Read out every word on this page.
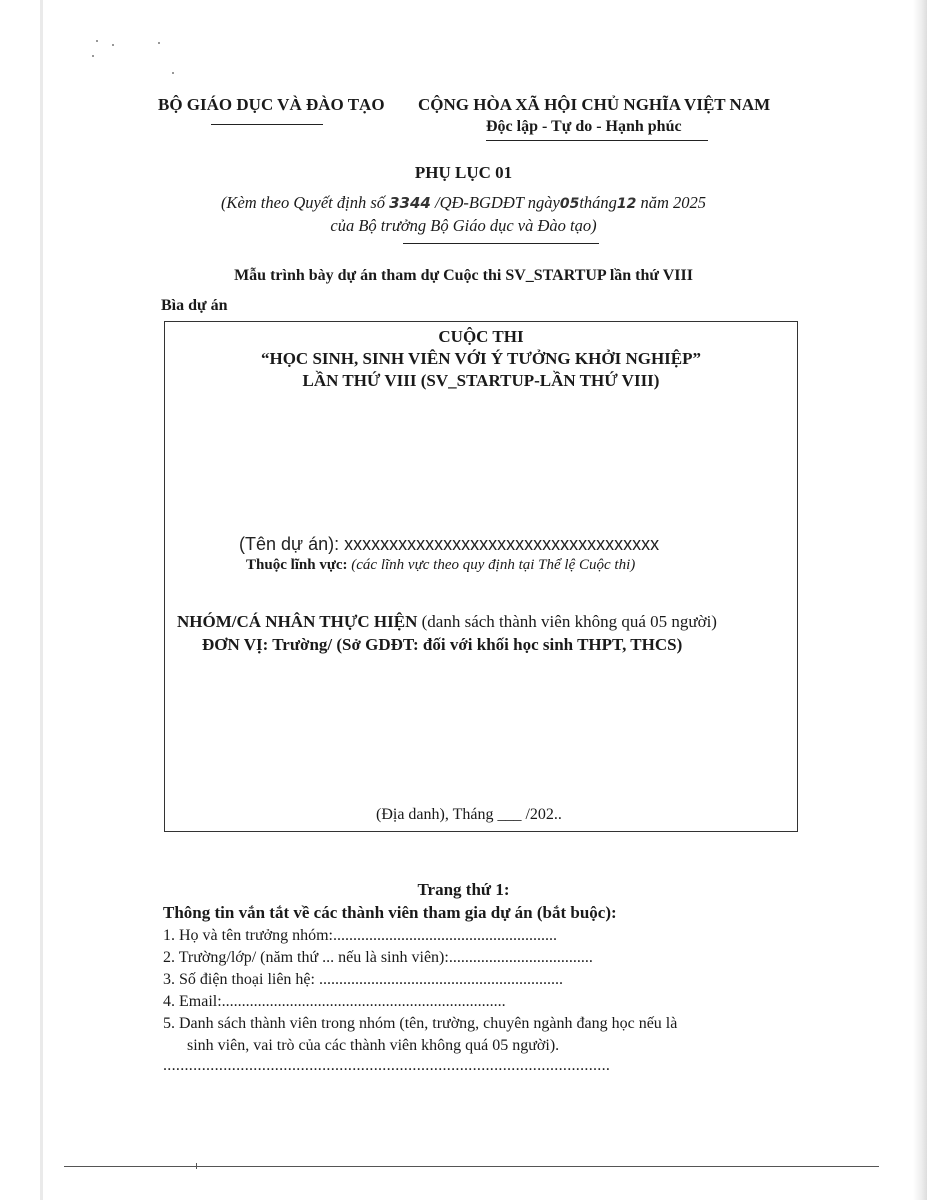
BỘ GIÁO DỤC VÀ ĐÀO TẠO CỘNG HÒA XÃ HỘI CHỦ NGHĨA VIỆT NAM
Độc lập - Tự do - Hạnh phúc
PHỤ LỤC 01
(Kèm theo Quyết định số 3344 /QĐ-BGDĐT ngày05tháng12 năm 2025
của Bộ trưởng Bộ Giáo dục và Đào tạo)
Mẫu trình bày dự án tham dự Cuộc thi SV_STARTUP lần thứ VIII
Bìa dự án
CUỘC THI
“HỌC SINH, SINH VIÊN VỚI Ý TƯỞNG KHỞI NGHIỆP”
LẦN THỨ VIII (SV_STARTUP-LẦN THỨ VIII)
(Tên dự án): xxxxxxxxxxxxxxxxxxxxxxxxxxxxxxxxxxx
Thuộc lĩnh vực: (các lĩnh vực theo quy định tại Thể lệ Cuộc thi)
NHÓM/CÁ NHÂN THỰC HIỆN (danh sách thành viên không quá 05 người)
ĐƠN VỊ: Trường/ (Sở GDĐT: đối với khối học sinh THPT, THCS)
(Địa danh), Tháng ___ /202..
Trang thứ 1:
Thông tin vắn tắt về các thành viên tham gia dự án (bắt buộc):
1. Họ và tên trưởng nhóm:........................................................
2. Trường/lớp/ (năm thứ ... nếu là sinh viên):....................................
3. Số điện thoại liên hệ: .............................................................
4. Email:.......................................................................
5. Danh sách thành viên trong nhóm (tên, trường, chuyên ngành đang học nếu là
sinh viên, vai trò của các thành viên không quá 05 người).
........................................................................................................
